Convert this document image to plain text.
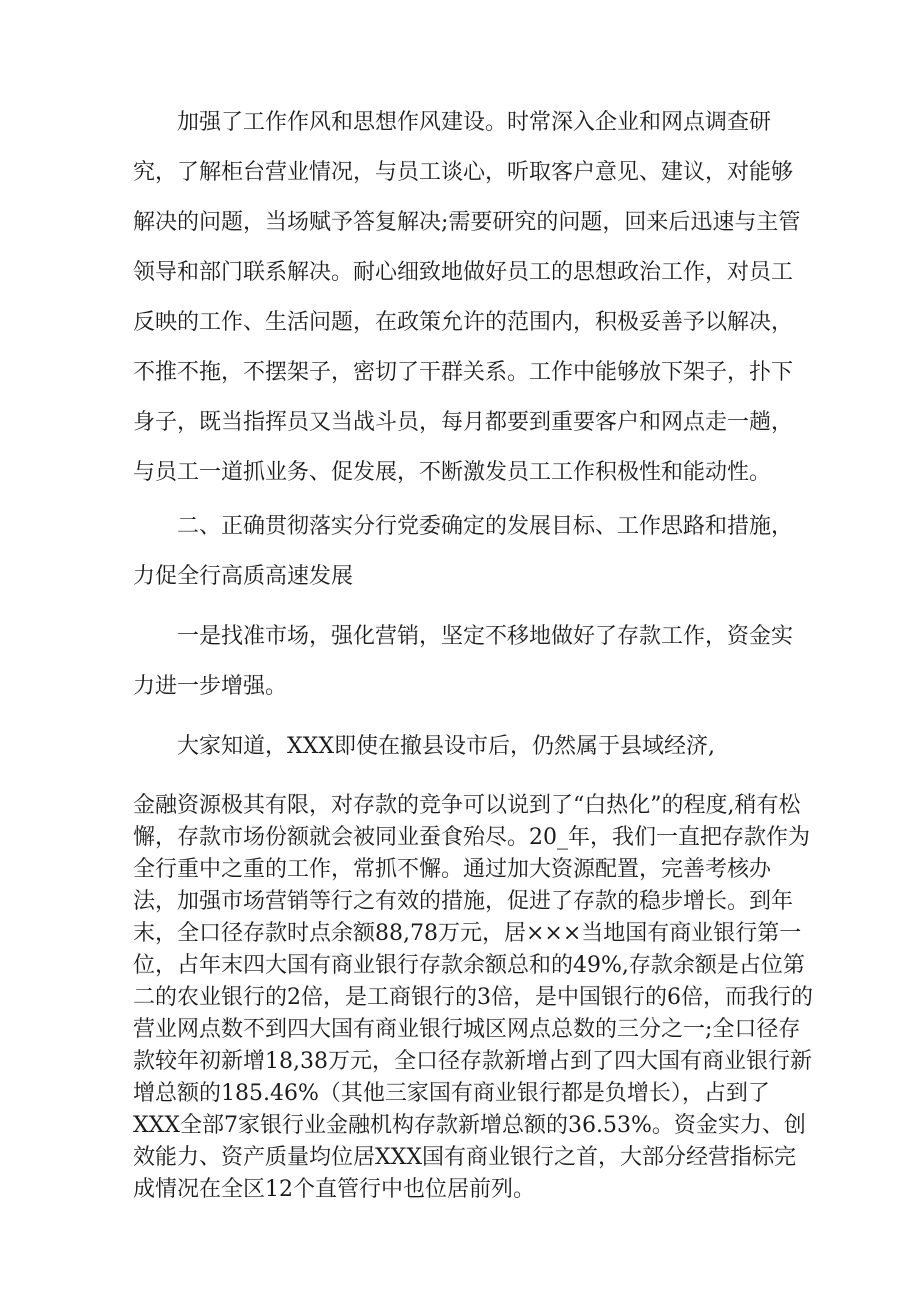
加强了工作作风和思想作风建设。时常深入企业和网点调查研究，了解柜台营业情况，与员工谈心，听取客户意见、建议，对能够解决的问题，当场赋予答复解决;需要研究的问题，回来后迅速与主管领导和部门联系解决。耐心细致地做好员工的思想政治工作，对员工反映的工作、生活问题，在政策允许的范围内，积极妥善予以解决，不推不拖，不摆架子，密切了干群关系。工作中能够放下架子，扑下身子，既当指挥员又当战斗员，每月都要到重要客户和网点走一趟，与员工一道抓业务、促发展，不断激发员工工作积极性和能动性。

二、正确贯彻落实分行党委确定的发展目标、工作思路和措施，力促全行高质高速发展

一是找准市场，强化营销，坚定不移地做好了存款工作，资金实力进一步增强。

大家知道，XXX即使在撤县设市后，仍然属于县域经济,

金融资源极其有限，对存款的竞争可以说到了“白热化”的程度,稍有松懈，存款市场份额就会被同业蚕食殆尽。20_年，我们一直把存款作为全行重中之重的工作，常抓不懈。通过加大资源配置，完善考核办法，加强市场营销等行之有效的措施，促进了存款的稳步增长。到年末，全口径存款时点余额88,78万元，居×××当地国有商业银行第一位，占年末四大国有商业银行存款余额总和的49%,存款余额是占位第二的农业银行的2倍，是工商银行的3倍，是中国银行的6倍，而我行的营业网点数不到四大国有商业银行城区网点总数的三分之一;全口径存款较年初新增18,38万元，全口径存款新增占到了四大国有商业银行新增总额的185.46%（其他三家国有商业银行都是负增长），占到了XXX全部7家银行业金融机构存款新增总额的36.53%。资金实力、创效能力、资产质量均位居XXX国有商业银行之首，大部分经营指标完成情况在全区12个直管行中也位居前列。
